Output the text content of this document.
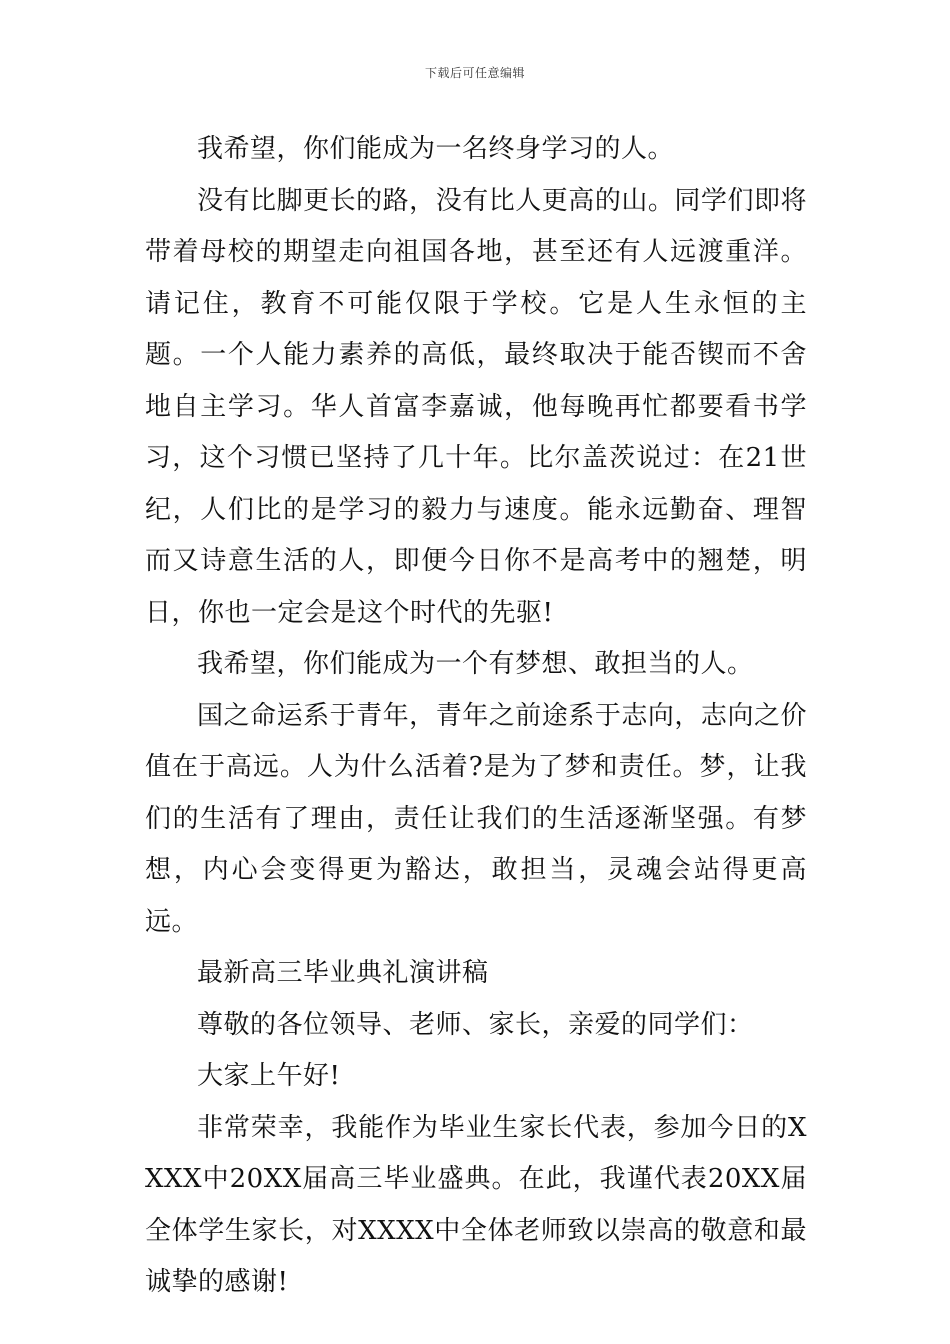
下载后可任意编辑

我希望，你们能成为一名终身学习的人。

没有比脚更长的路，没有比人更高的山。同学们即将带着母校的期望走向祖国各地，甚至还有人远渡重洋。请记住，教育不可能仅限于学校。它是人生永恒的主题。一个人能力素养的高低，最终取决于能否锲而不舍地自主学习。华人首富李嘉诚，他每晚再忙都要看书学习，这个习惯已坚持了几十年。比尔盖茨说过：在21世纪，人们比的是学习的毅力与速度。能永远勤奋、理智而又诗意生活的人，即便今日你不是高考中的翘楚，明日，你也一定会是这个时代的先驱!

我希望，你们能成为一个有梦想、敢担当的人。

国之命运系于青年，青年之前途系于志向，志向之价值在于高远。人为什么活着?是为了梦和责任。梦，让我们的生活有了理由，责任让我们的生活逐渐坚强。有梦想，内心会变得更为豁达，敢担当，灵魂会站得更高远。

最新高三毕业典礼演讲稿

尊敬的各位领导、老师、家长，亲爱的同学们：

大家上午好!

非常荣幸，我能作为毕业生家长代表，参加今日的XXXX中20XX届高三毕业盛典。在此，我谨代表20XX届全体学生家长，对XXXX中全体老师致以崇高的敬意和最诚挚的感谢!
